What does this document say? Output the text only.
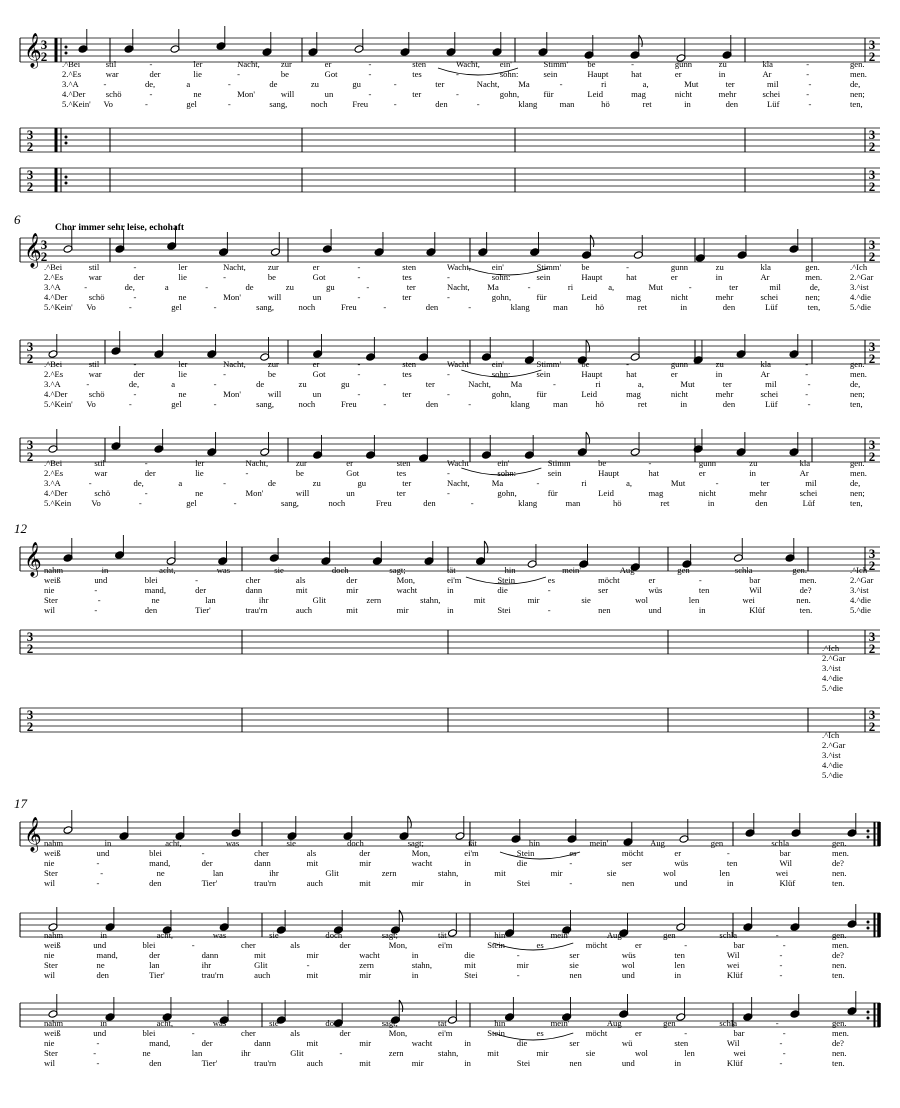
𝄞 3
2
3
2
.^Bei	stil	-	ler	Nacht, zur	er	-	sten	Wacht, ein'	Stimm' be	-	gunn	zu	kla	-	gen.
2.^Es	war	der	lie	-	be	Got	-	tes	-	sohn:	sein	Haupt	hat	er	in	Ar	-	men.
3.^A	-	de,	a	-	de	zu	gu	-	ter	Nacht, Ma	-	ri	a,	Mut	ter	mil	-	de,
4.^Der schö	-	ne	Mon'	will	un	-	ter	-	gohn,	für	Leid	mag	nicht	mehr	schei	-	nen;
5.^Kein' Vo	-	gel	-	sang,	noch	Freu	-	den	-	klang	man	hö	ret	in	den	Lüf	-	ten,
3
2
3
2
3
2
3
2
6
Chor immer sehr leise, echohaft
𝄞 3
2
3
2
.^Bei	stil	-	ler	Nacht,	zur	er	-	sten	Wacht, ein'	Stimm' be	-	gunn	zu	kla	gen.	.^Ich
2.^Es	war	der	lie	-	be	Got	-	tes	-	sohn:	sein	Haupt	hat	er	in	Ar	men.	2.^Gar
3.^A	-	de,	a	-	de	zu	gu	-	ter	Nacht, Ma	-	ri	a,	Mut	-	ter	mil	de,	3.^ist
4.^Der schö	-	ne	Mon'	will	un	-	ter	-	gohn,	für	Leid	mag	nicht	mehr	schei	nen;	4.^die
5.^Kein' Vo	-	gel	-	sang,	noch	Freu	-	den	-	klang	man	hö	ret	in	den	Lüf	ten,	5.^die
3
2
3
2
.^Bei	stil	-	ler	Nacht,	zur	er	-	sten	Wacht	ein'	Stimm' be	-	gunn	zu	kla	-	gen.
2.^Es	war	der	lie	-	be	Got	-	tes	-	sohn:	sein	Haupt	hat	er	in	Ar	-	men.
3.^A	-	de,	a	-	de	zu	gu	-	ter	Nacht, Ma	-	ri	a,	Mut	ter	mil	-	de,
4.^Der schö	-	ne	Mon'	will	un	-	ter	-	gohn,	für	Leid	mag	nicht	mehr	schei	-	nen;
5.^Kein' Vo	-	gel	-	sang,	noch	Freu	-	den	-	klang	man	hö	ret	in	den	Lüf	-	ten,
3
2
3
2
.^Bei	stil	-	ler	Nacht,	zur	er	sten	Wacht	ein'	Stimm	be	-	gunn	zu	kla	gen.
2.^Es	war	der	lie	-	be	Got	tes	-	sohn:	sein	Haupt	hat	er	in	Ar	men.
3.^A	-	de,	a	-	de	zu	gu	ter	Nacht,	Ma	-	ri	a,	Mut	-	ter	mil	de,
4.^Der	schö	-	ne	Mon'	will	un	ter	-	gohn,	für	Leid	mag	nicht	mehr	schei	nen;
5.^Kein Vo	-	gel	-	sang,	noch	Freu	den	-	klang	man	hö	ret	in	den	Lüf	ten,
12
𝄞	3
2
nahm	in	acht,	was	sie	doch	sagt;	tät	hin	mein'	Aug	gen	schla	gen.	.^Ich
weiß	und	blei	-	cher	als	der	Mon,	ei'm	Stein	es	möcht	er	-	bar	men.	2.^Gar
nie	-	mand,	der	dann	mit	mir	wacht	in	die	-	ser	wüs	ten	Wil	de?	3.^ist
Ster	-	ne	lan	ihr	Glit	zern	stahn,	mit	mir	sie	wol	len	wei	nen.	4.^die
wil	-	den	Tier'	trau'rn	auch	mit	mir	in	Stei	-	nen	und	in	Klüf	ten.	5.^die
3
2
3
2
.^Ich
2.^Gar
3.^ist
4.^die
5.^die
3
2
3
2
.^Ich
2.^Gar
3.^ist
4.^die
5.^die
17
𝄞 nahm	in	acht,	was	sie	doch	sagt;	tät	hin	mein'	Aug	gen	schla	gen.
weiß	und	blei	-	cher	als	der	Mon,	ei'm	Stein	es	möcht	er	-	bar	men.
nie	-	mand,	der	dann	mit	mir	wacht	in	die	-	ser	wüs	ten	Wil	de?
Ster	-	ne	lan	ihr	Glit	zern	stahn,	mit	mir	sie	wol	len	wei	nen.
wil	-	den	Tier'	trau'rn	auch	mit	mir	in	Stei	-	nen	und	in	Klüf	ten.
nahm	in	acht,	was	sie	doch	sagt;	tät	hin	mein'	Aug	gen	schla	-	gen.
weiß	und	blei	-	cher	als	der	Mon,	ei'm	Stein	es	möcht	er	-	bar	-	men.
nie	mand,	der	dann	mit	mir	wacht	in	die	-	ser	wüs	ten	Wil	-	de?
Ster	ne	lan	ihr	Glit	-	zern	stahn,	mit	mir	sie	wol	len	wei	-	nen.
wil	den	Tier'	trau'rn	auch	mit	mir	in	Stei	-	nen	und	in	Klüf	-	ten.
nahm	in	acht,	was	sie	doch	sagt;	tät	hin	mein'	Aug	gen	schla	-	gen.
weiß	und	blei	-	cher	als	der	Mon,	ei'm	Stein	es	möcht	er	-	bar	-	men.
nie	-	mand,	der	dann	mit	mir	wacht	in	die	ser	wü	sten	Wil	-	de?
Ster	-	ne	lan	ihr	Glit	-	zern	stahn,	mit	mir	sie	wol	len	wei	-	nen.
wil	-	den	Tier'	trau'rn	auch	mit	mir	in	Stei	nen	und	in	Klüf	-	ten.
